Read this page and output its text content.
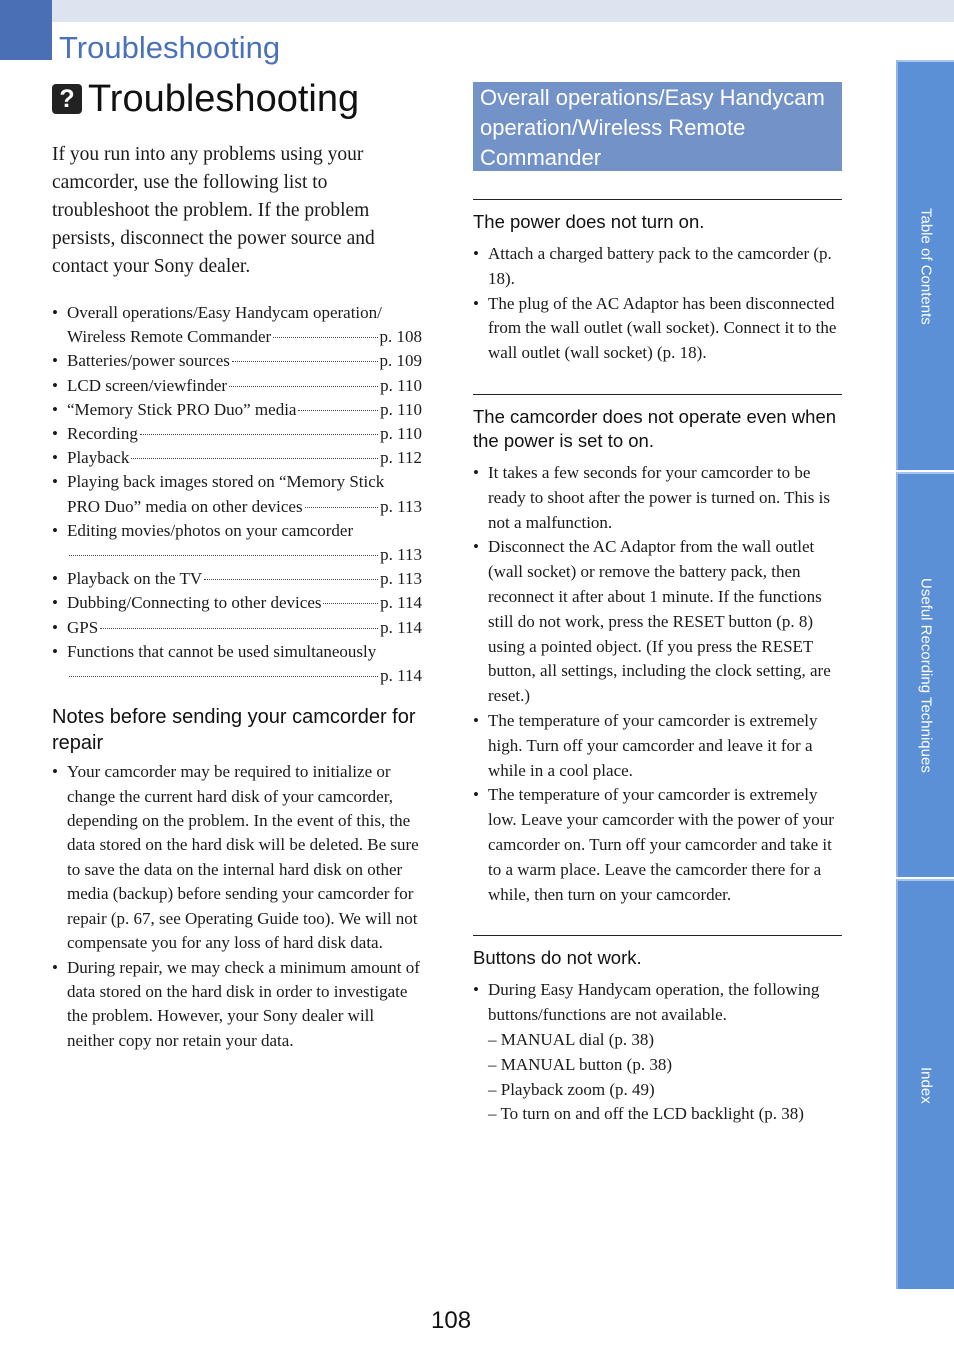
Troubleshooting
? Troubleshooting

If you run into any problems using your camcorder, use the following list to troubleshoot the problem. If the problem persists, disconnect the power source and contact your Sony dealer.

• Overall operations/Easy Handycam operation/
Wireless Remote Commander	p. 108
• Batteries/power sources	p. 109
• LCD screen/viewfinder	p. 110
• “Memory Stick PRO Duo” media	p. 110
• Recording	p. 110
• Playback	p. 112
• Playing back images stored on “Memory Stick
PRO Duo” media on other devices	p. 113
• Editing movies/photos on your camcorder
p. 113
• Playback on the TV	p. 113
• Dubbing/Connecting to other devices	p. 114
• GPS	p. 114
• Functions that cannot be used simultaneously
p. 114
Notes before sending your camcorder for repair
• Your camcorder may be required to initialize or change the current hard disk of your camcorder, depending on the problem. In the event of this, the data stored on the hard disk will be deleted. Be sure to save the data on the internal hard disk on other media (backup) before sending your camcorder for repair (p. 67, see Operating Guide too). We will not compensate you for any loss of hard disk data.
• During repair, we may check a minimum amount of data stored on the hard disk in order to investigate the problem. However, your Sony dealer will neither copy nor retain your data.
Overall operations/Easy Handycam operation/Wireless Remote Commander
The power does not turn on.
• Attach a charged battery pack to the camcorder (p. 18).
• The plug of the AC Adaptor has been disconnected from the wall outlet (wall socket). Connect it to the wall outlet (wall socket) (p. 18).
The camcorder does not operate even when the power is set to on.
• It takes a few seconds for your camcorder to be ready to shoot after the power is turned on. This is not a malfunction.
• Disconnect the AC Adaptor from the wall outlet (wall socket) or remove the battery pack, then reconnect it after about 1 minute. If the functions still do not work, press the RESET button (p. 8) using a pointed object. (If you press the RESET button, all settings, including the clock setting, are reset.)
• The temperature of your camcorder is extremely high. Turn off your camcorder and leave it for a while in a cool place.
• The temperature of your camcorder is extremely low. Leave your camcorder with the power of your camcorder on. Turn off your camcorder and take it to a warm place. Leave the camcorder there for a while, then turn on your camcorder.
Buttons do not work.
• During Easy Handycam operation, the following buttons/functions are not available.
– MANUAL dial (p. 38)
– MANUAL button (p. 38)
– Playback zoom (p. 49)
– To turn on and off the LCD backlight (p. 38)
Table of Contents
Useful Recording Techniques
Index
108
